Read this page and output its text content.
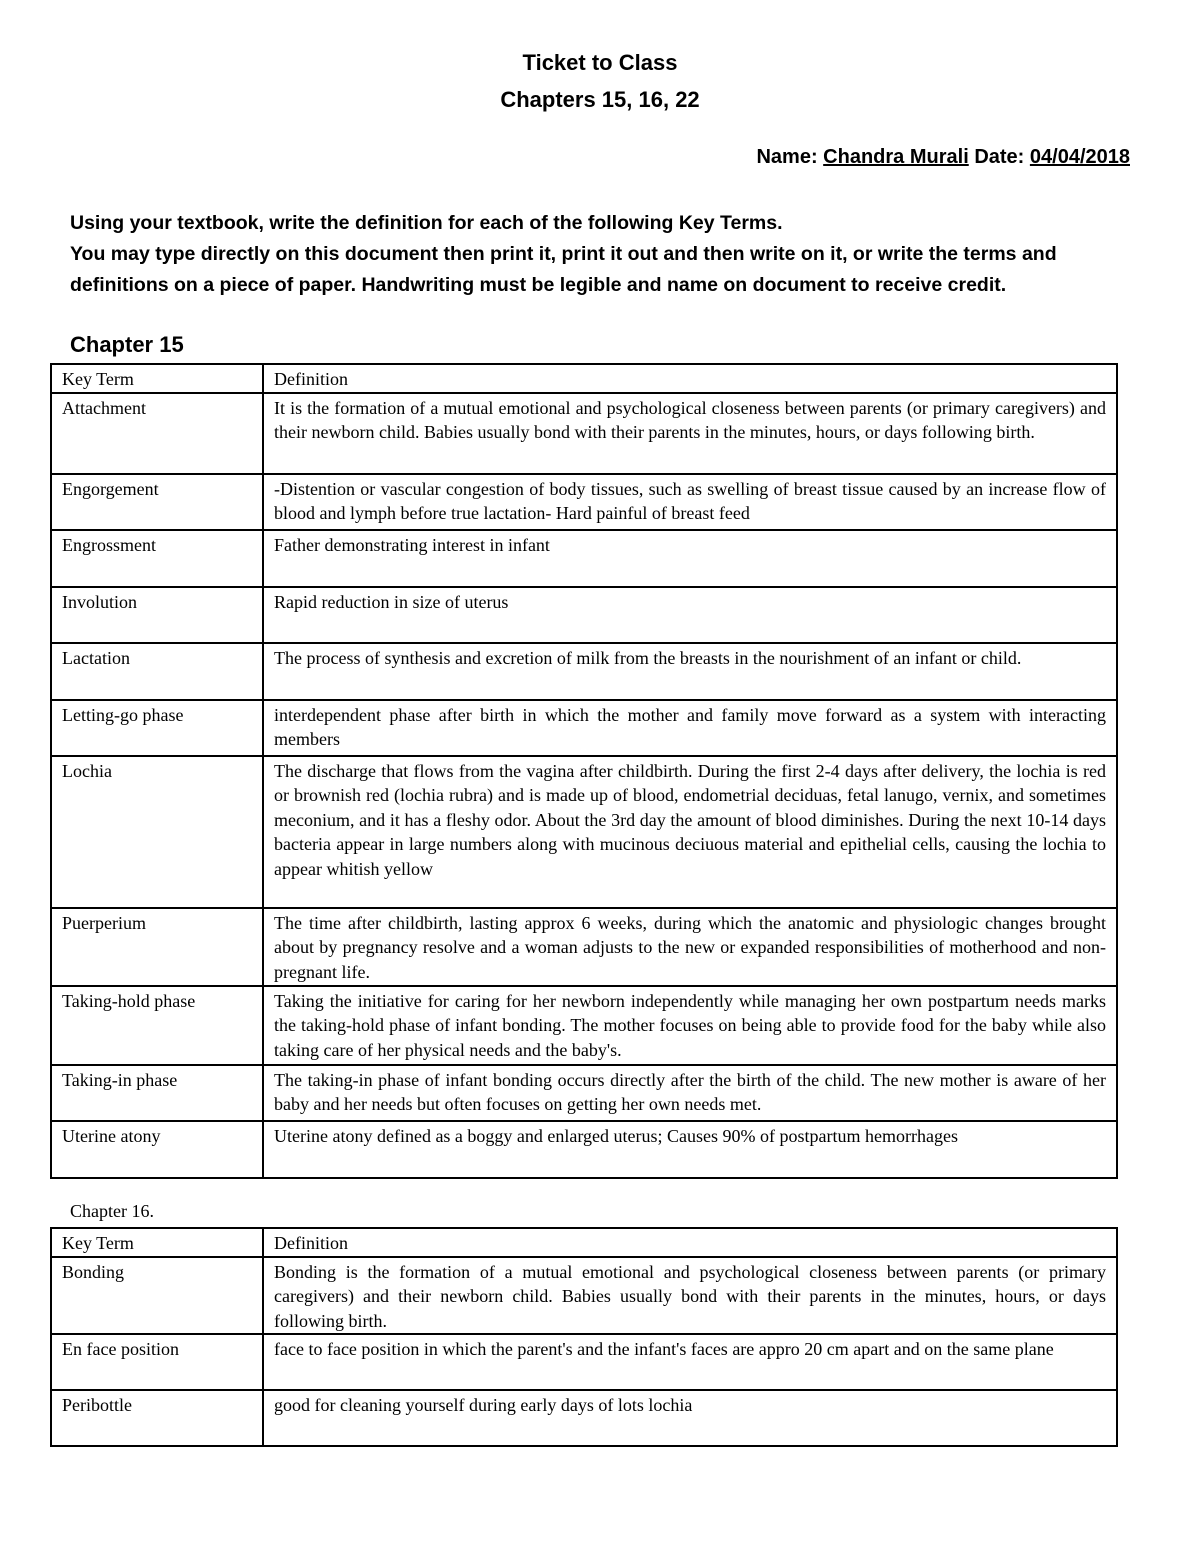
Ticket to Class
Chapters 15, 16, 22
Name: Chandra Murali Date: 04/04/2018
Using your textbook, write the definition for each of the following Key Terms.
You may type directly on this document then print it, print it out and then write on it, or write the terms and definitions on a piece of paper. Handwriting must be legible and name on document to receive credit.
Chapter 15
Key Term	Definition
Attachment	It is the formation of a mutual emotional and psychological closeness between parents (or primary caregivers) and their newborn child. Babies usually bond with their parents in the minutes, hours, or days following birth.
Engorgement	-Distention or vascular congestion of body tissues, such as swelling of breast tissue caused by an increase flow of blood and lymph before true lactation- Hard painful of breast feed
Engrossment	Father demonstrating interest in infant
Involution	Rapid reduction in size of uterus
Lactation	The process of synthesis and excretion of milk from the breasts in the nourishment of an infant or child.
Letting-go phase	interdependent phase after birth in which the mother and family move forward as a system with interacting members
Lochia	The discharge that flows from the vagina after childbirth. During the first 2-4 days after delivery, the lochia is red or brownish red (lochia rubra) and is made up of blood, endometrial deciduas, fetal lanugo, vernix, and sometimes meconium, and it has a fleshy odor. About the 3rd day the amount of blood diminishes. During the next 10-14 days bacteria appear in large numbers along with mucinous deciuous material and epithelial cells, causing the lochia to appear whitish yellow
Puerperium	The time after childbirth, lasting approx 6 weeks, during which the anatomic and physiologic changes brought about by pregnancy resolve and a woman adjusts to the new or expanded responsibilities of motherhood and non-pregnant life.
Taking-hold phase	Taking the initiative for caring for her newborn independently while managing her own postpartum needs marks the taking-hold phase of infant bonding. The mother focuses on being able to provide food for the baby while also taking care of her physical needs and the baby's.
Taking-in phase	The taking-in phase of infant bonding occurs directly after the birth of the child. The new mother is aware of her baby and her needs but often focuses on getting her own needs met.
Uterine atony	Uterine atony defined as a boggy and enlarged uterus; Causes 90% of postpartum hemorrhages
Chapter 16.
Key Term	Definition
Bonding	Bonding is the formation of a mutual emotional and psychological closeness between parents (or primary caregivers) and their newborn child. Babies usually bond with their parents in the minutes, hours, or days following birth.
En face position	face to face position in which the parent's and the infant's faces are appro 20 cm apart and on the same plane
Peribottle	good for cleaning yourself during early days of lots lochia
